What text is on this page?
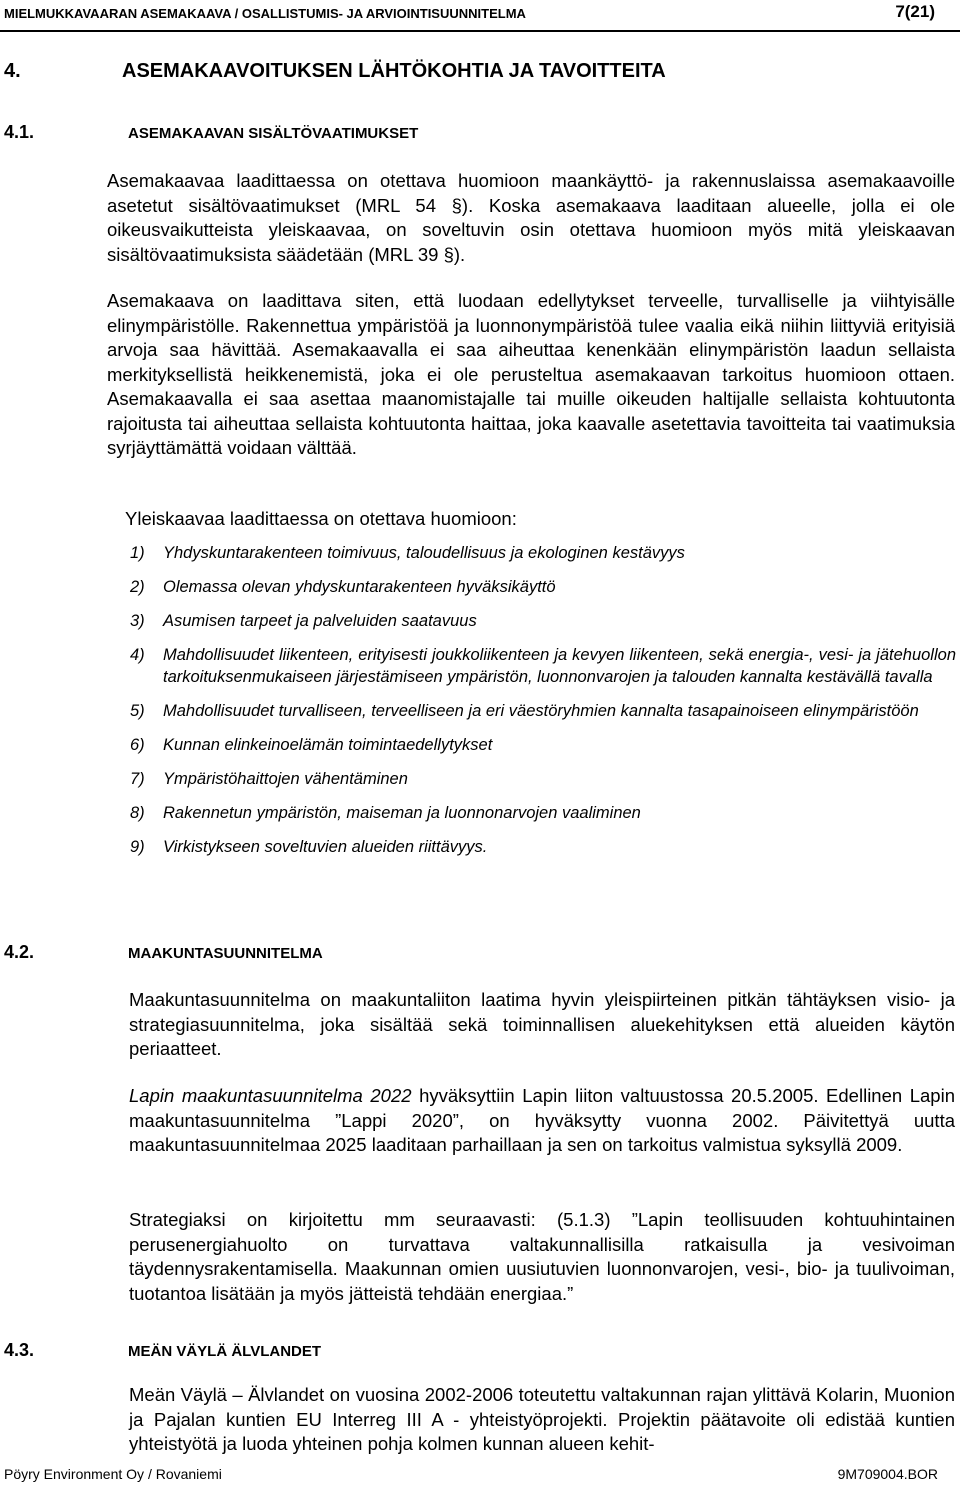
MIELMUKKAVAARAN ASEMAKAAVA / OSALLISTUMIS- JA ARVIOINTISUUNNITELMA	7(21)
4.	ASEMAKAAVOITUKSEN LÄHTÖKOHTIA JA TAVOITTEITA
4.1.	ASEMAKAAVAN SISÄLTÖVAATIMUKSET

Asemakaavaa laadittaessa on otettava huomioon maankäyttö- ja rakennuslaissa asemakaavoille asetetut sisältövaatimukset (MRL 54 §). Koska asemakaava laaditaan alueelle, jolla ei ole oikeusvaikutteista yleiskaavaa, on soveltuvin osin otettava huomioon myös mitä yleiskaavan sisältövaatimuksista säädetään (MRL 39 §).

Asemakaava on laadittava siten, että luodaan edellytykset terveelle, turvalliselle ja viihtyisälle elinympäristölle. Rakennettua ympäristöä ja luonnonympäristöä tulee vaalia eikä niihin liittyviä erityisiä arvoja saa hävittää. Asemakaavalla ei saa aiheuttaa kenenkään elinympäristön laadun sellaista merkityksellistä heikkenemistä, joka ei ole perusteltua asemakaavan tarkoitus huomioon ottaen. Asemakaavalla ei saa asettaa maanomistajalle tai muille oikeuden haltijalle sellaista kohtuutonta rajoitusta tai aiheuttaa sellaista kohtuutonta haittaa, joka kaavalle asetettavia tavoitteita tai vaatimuksia syrjäyttämättä voidaan välttää.

Yleiskaavaa laadittaessa on otettava huomioon:
1) Yhdyskuntarakenteen toimivuus, taloudellisuus ja ekologinen kestävyys
2) Olemassa olevan yhdyskuntarakenteen hyväksikäyttö
3) Asumisen tarpeet ja palveluiden saatavuus
4) Mahdollisuudet liikenteen, erityisesti joukkoliikenteen ja kevyen liikenteen, sekä energia-, vesi- ja jätehuollon tarkoituksenmukaiseen järjestämiseen ympäristön, luonnonvarojen ja talouden kannalta kestävällä tavalla
5) Mahdollisuudet turvalliseen, terveelliseen ja eri väestöryhmien kannalta tasapainoiseen elinympäristöön
6) Kunnan elinkeinoelämän toimintaedellytykset
7) Ympäristöhaittojen vähentäminen
8) Rakennetun ympäristön, maiseman ja luonnonarvojen vaaliminen
9) Virkistykseen soveltuvien alueiden riittävyys.
4.2.	MAAKUNTASUUNNITELMA

Maakuntasuunnitelma on maakuntaliiton laatima hyvin yleispiirteinen pitkän tähtäyksen visio- ja strategiasuunnitelma, joka sisältää sekä toiminnallisen aluekehityksen että alueiden käytön periaatteet.

Lapin maakuntasuunnitelma 2022 hyväksyttiin Lapin liiton valtuustossa 20.5.2005. Edellinen Lapin maakuntasuunnitelma ”Lappi 2020”, on hyväksytty vuonna 2002. Päivitettyä uutta maakuntasuunnitelmaa 2025 laaditaan parhaillaan ja sen on tarkoitus valmistua syksyllä 2009.

Strategiaksi on kirjoitettu mm seuraavasti: (5.1.3) ”Lapin teollisuuden kohtuuhintainen perusenergiahuolto on turvattava valtakunnallisilla ratkaisulla ja vesivoiman täydennysrakentamisella. Maakunnan omien uusiutuvien luonnonvarojen, vesi-, bio- ja tuulivoiman, tuotantoa lisätään ja myös jätteistä tehdään energiaa.”

4.3.	MEÄN VÄYLÄ ÄLVLANDET

Meän Väylä – Älvlandet on vuosina 2002-2006 toteutettu valtakunnan rajan ylittävä Kolarin, Muonion ja Pajalan kuntien EU Interreg III A - yhteistyöprojekti. Projektin päätavoite oli edistää kuntien yhteistyötä ja luoda yhteinen pohja kolmen kunnan alueen kehit-

Pöyry Environment Oy / Rovaniemi	9M709004.BOR
